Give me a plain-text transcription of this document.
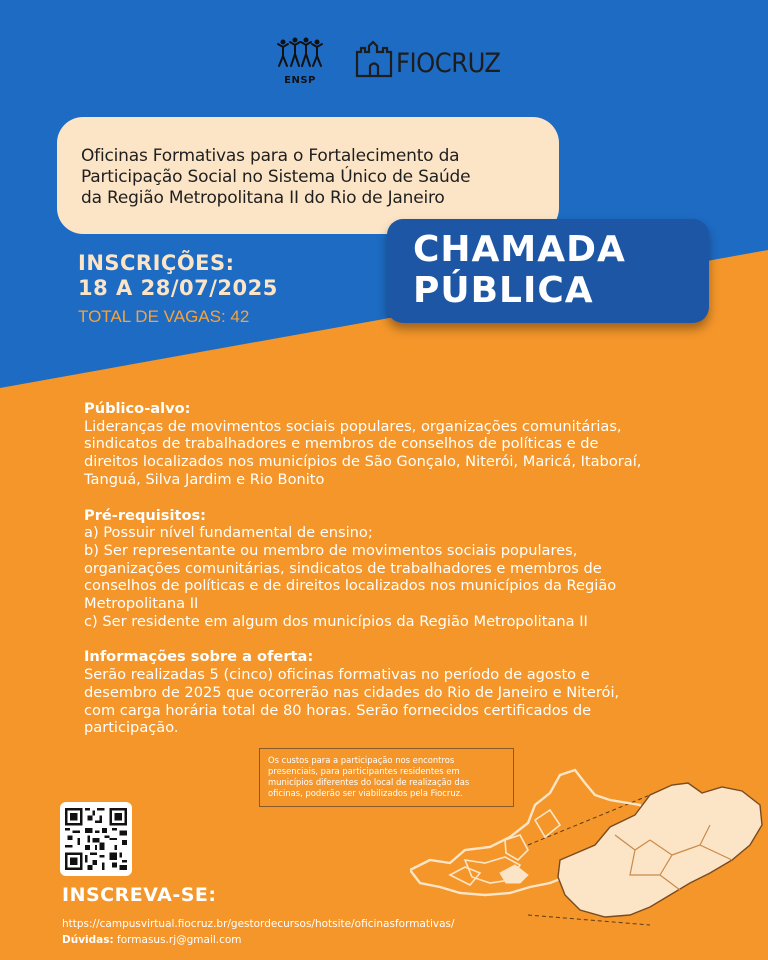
ENSP
FIOCRUZ

Oficinas Formativas para o Fortalecimento da
Participação Social no Sistema Único de Saúde
da Região Metropolitana II do Rio de Janeiro

INSCRIÇÕES:
18 A 28/07/2025
TOTAL DE VAGAS: 42
CHAMADA
PÚBLICA

Público-alvo:

Lideranças de movimentos sociais populares, organizações comunitárias,

sindicatos de trabalhadores e membros de conselhos de políticas e de

direitos localizados nos municípios de São Gonçalo, Niterói, Maricá, Itaboraí,

Tanguá, Silva Jardim e Rio Bonito

Pré-requisitos:

a) Possuir nível fundamental de ensino;

b) Ser representante ou membro de movimentos sociais populares,

organizações comunitárias, sindicatos de trabalhadores e membros de

conselhos de políticas e de direitos localizados nos municípios da Região

Metropolitana II

c) Ser residente em algum dos municípios da Região Metropolitana II

Informações sobre a oferta:

Serão realizadas 5 (cinco) oficinas formativas no período de agosto e

desembro de 2025 que ocorrerão nas cidades do Rio de Janeiro e Niterói,

com carga horária total de 80 horas. Serão fornecidos certificados de

participação.

Os custos para a participação nos encontros
presenciais, para participantes residentes em
municípios diferentes do local de realização das
oficinas, poderão ser viabilizados pela Fiocruz.
INSCREVA-SE:
https://campusvirtual.fiocruz.br/gestordecursos/hotsite/oficinasformativas/
Dúvidas: formasus.rj@gmail.com
